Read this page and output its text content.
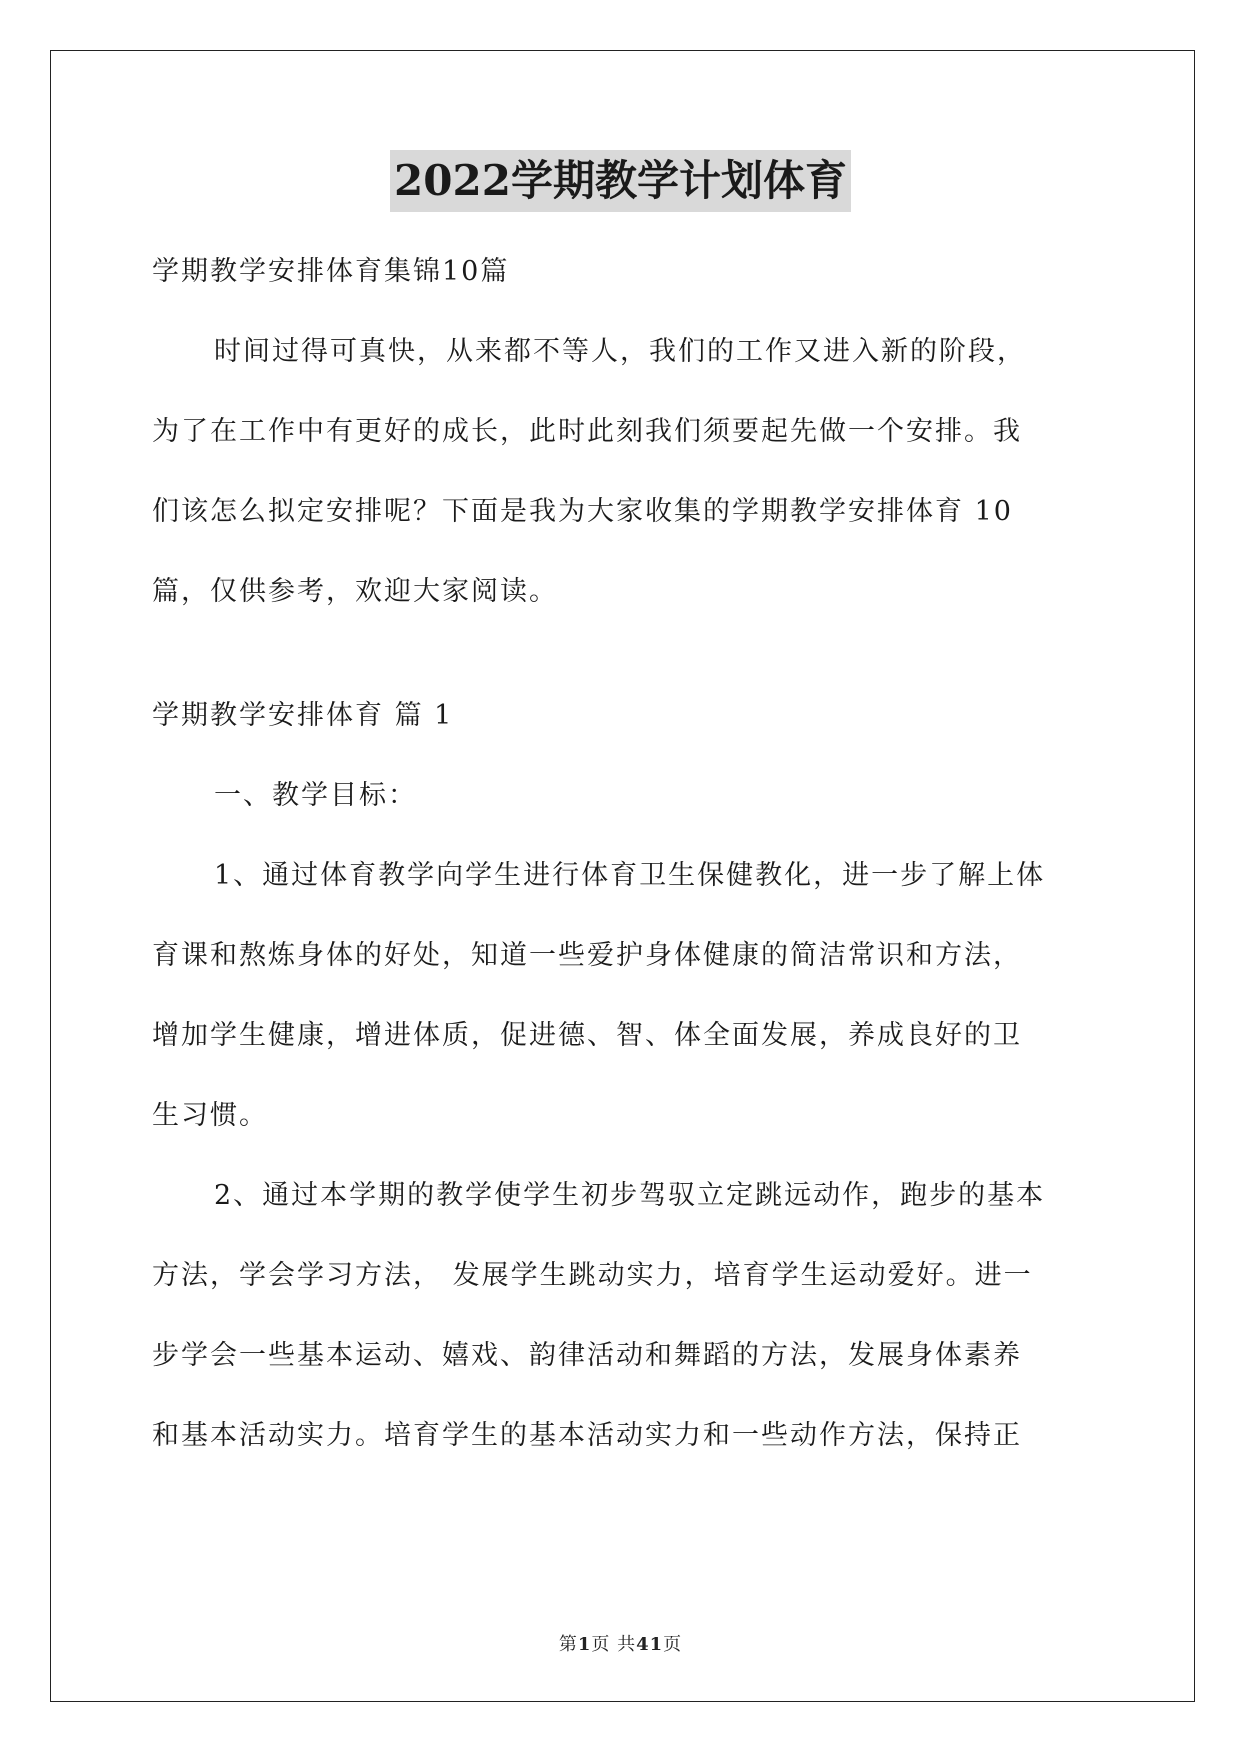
2022学期教学计划体育
学期教学安排体育集锦10篇
时间过得可真快，从来都不等人，我们的工作又进入新的阶段，
为了在工作中有更好的成长，此时此刻我们须要起先做一个安排。我
们该怎么拟定安排呢？下面是我为大家收集的学期教学安排体育 10
篇，仅供参考，欢迎大家阅读。
学期教学安排体育 篇 1
一、教学目标：
1、通过体育教学向学生进行体育卫生保健教化，进一步了解上体
育课和熬炼身体的好处，知道一些爱护身体健康的简洁常识和方法，
增加学生健康，增进体质，促进德、智、体全面发展，养成良好的卫
生习惯。
2、通过本学期的教学使学生初步驾驭立定跳远动作，跑步的基本
方法，学会学习方法， 发展学生跳动实力，培育学生运动爱好。进一
步学会一些基本运动、嬉戏、韵律活动和舞蹈的方法，发展身体素养
和基本活动实力。培育学生的基本活动实力和一些动作方法，保持正
第1页 共41页
